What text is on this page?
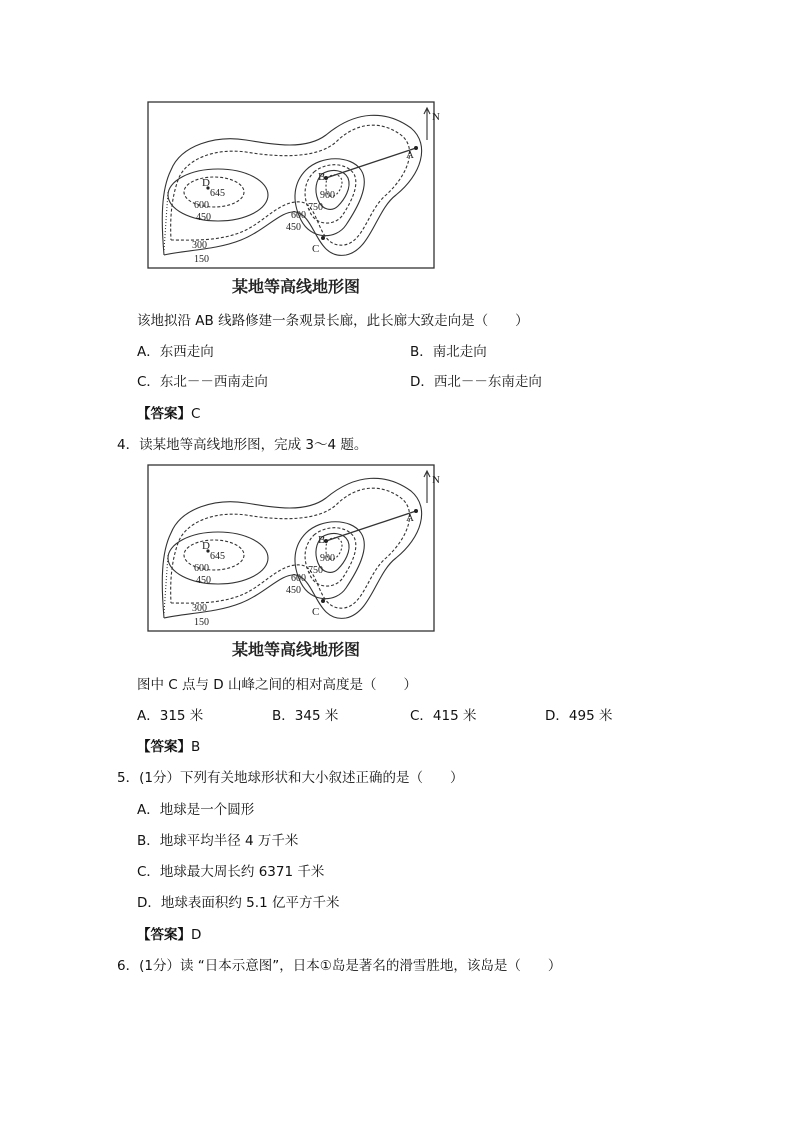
N
A
B
C
D
645
600
450
900
750
600
450
300
150
某地等高线地形图
该地拟沿 AB 线路修建一条观景长廊，此长廊大致走向是（　　）
A．东西走向	B．南北走向
C．东北－－西南走向	D．西北－－东南走向
【答案】C
4．读某地等高线地形图，完成 3～4 题。
N
A
B
C
D
645
600
450
900
750
600
450
300
150
某地等高线地形图
图中 C 点与 D 山峰之间的相对高度是（　　）
A．315 米	B．345 米	C．415 米	D．495 米
【答案】B
5．(1分）下列有关地球形状和大小叙述正确的是（　　）
A．地球是一个圆形
B．地球平均半径 4 万千米
C．地球最大周长约 6371 千米
D．地球表面积约 5.1 亿平方千米
【答案】D
6．(1分）读 “日本示意图”，日本①岛是著名的滑雪胜地，该岛是（　　）
